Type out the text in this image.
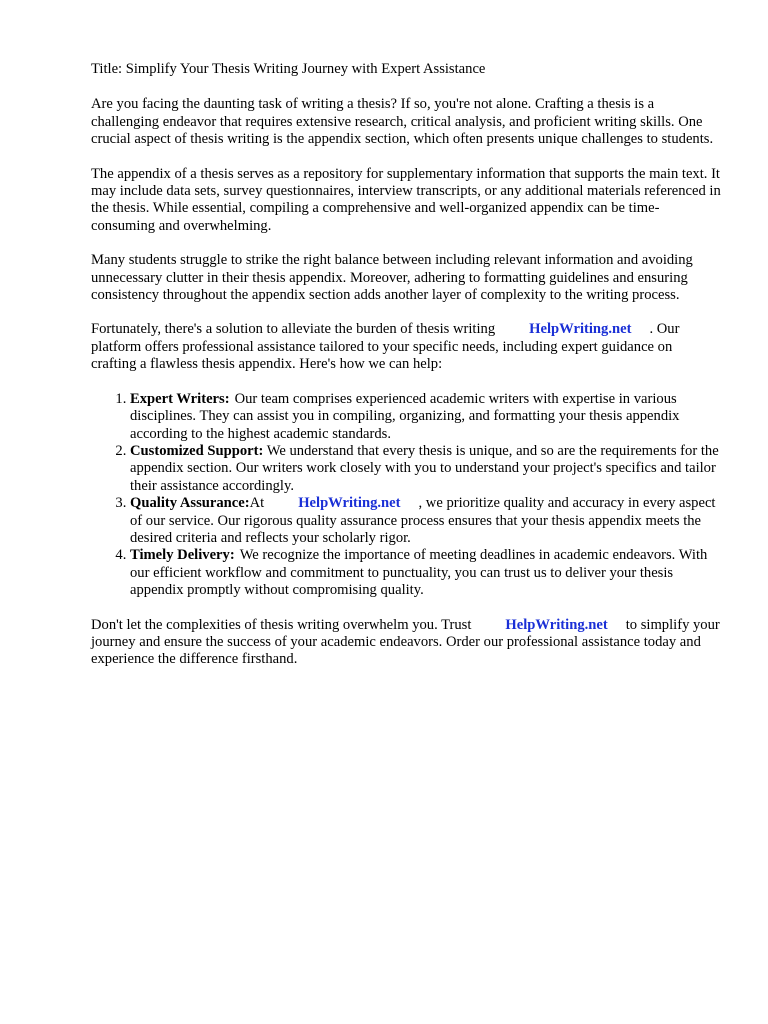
Title: Simplify Your Thesis Writing Journey with Expert Assistance

Are you facing the daunting task of writing a thesis? If so, you're not alone. Crafting a thesis is a challenging endeavor that requires extensive research, critical analysis, and proficient writing skills. One crucial aspect of thesis writing is the appendix section, which often presents unique challenges to students.

The appendix of a thesis serves as a repository for supplementary information that supports the main text. It may include data sets, survey questionnaires, interview transcripts, or any additional materials referenced in the thesis. While essential, compiling a comprehensive and well-organized appendix can be time-consuming and overwhelming.

Many students struggle to strike the right balance between including relevant information and avoiding unnecessary clutter in their thesis appendix. Moreover, adhering to formatting guidelines and ensuring consistency throughout the appendix section adds another layer of complexity to the writing process.

Fortunately, there's a solution to alleviate the burden of thesis writing HelpWriting.net . Our platform offers professional assistance tailored to your specific needs, including expert guidance on crafting a flawless thesis appendix. Here's how we can help:

1. Expert Writers: Our team comprises experienced academic writers with expertise in various disciplines. They can assist you in compiling, organizing, and formatting your thesis appendix according to the highest academic standards.
2. Customized Support: We understand that every thesis is unique, and so are the requirements for the appendix section. Our writers work closely with you to understand your project's specifics and tailor their assistance accordingly.
3. Quality Assurance:At HelpWriting.net , we prioritize quality and accuracy in every aspect of our service. Our rigorous quality assurance process ensures that your thesis appendix meets the desired criteria and reflects your scholarly rigor.
4. Timely Delivery: We recognize the importance of meeting deadlines in academic endeavors. With our efficient workflow and commitment to punctuality, you can trust us to deliver your thesis appendix promptly without compromising quality.

Don't let the complexities of thesis writing overwhelm you. Trust HelpWriting.net to simplify your journey and ensure the success of your academic endeavors. Order our professional assistance today and experience the difference firsthand.
